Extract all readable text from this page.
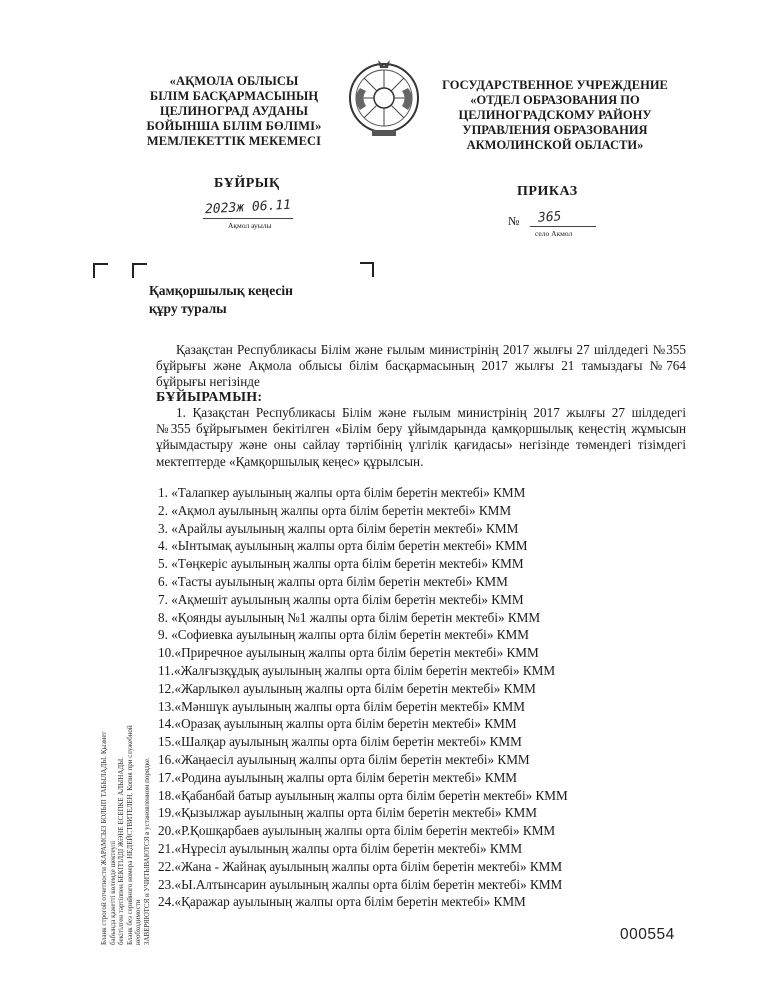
«АҚМОЛА ОБЛЫСЫ
БІЛІМ БАСҚАРМАСЫНЫҢ
ЦЕЛИНОГРАД АУДАНЫ
БОЙЫНША БІЛІМ БӨЛІМІ»
МЕМЛЕКЕТТІК МЕКЕМЕСІ
ГОСУДАРСТВЕННОЕ УЧРЕЖДЕНИЕ
«ОТДЕЛ ОБРАЗОВАНИЯ ПО
ЦЕЛИНОГРАДСКОМУ РАЙОНУ
УПРАВЛЕНИЯ ОБРАЗОВАНИЯ
АКМОЛИНСКОЙ ОБЛАСТИ»
БҰЙРЫҚ
ПРИКАЗ
2023ж 06.11
Ақмол ауылы	№ 365
село Акмол
Қамқоршылық кеңесін
құру туралы
Қазақстан Республикасы Білім және ғылым министрінің 2017 жылғы 27 шілдедегі №355 бұйрығы және Ақмола облысы білім басқармасының 2017 жылғы 21 тамыздағы №764 бұйрығы негізінде
БҰЙЫРАМЫН:
1. Қазақстан Республикасы Білім және ғылым министрінің 2017 жылғы 27 шілдедегі №355 бұйрығымен бекітілген «Білім беру ұйымдарында қамқоршылық кеңестің жұмысын ұйымдастыру және оны сайлау тәртібінің үлгілік қағидасы» негізінде төмендегі тізімдегі мектептерде «Қамқоршылық кеңес» құрылсын.
1. «Талапкер ауылының жалпы орта білім беретін мектебі» КММ
2. «Ақмол ауылының жалпы орта білім беретін мектебі» КММ
3. «Арайлы ауылының жалпы орта білім беретін мектебі» КММ
4. «Ынтымақ ауылының жалпы орта білім беретін мектебі» КММ
5. «Төңкеріс ауылының жалпы орта білім беретін мектебі» КММ
6. «Тасты ауылының жалпы орта білім беретін мектебі» КММ
7. «Ақмешіт ауылының жалпы орта білім беретін мектебі» КММ
8. «Қоянды ауылының №1 жалпы орта білім беретін мектебі» КММ
9. «Софиевка ауылының жалпы орта білім беретін мектебі» КММ
10.«Приречное ауылының жалпы орта білім беретін мектебі» КММ
11.«Жалғызқұдық ауылының жалпы орта білім беретін мектебі» КММ
12.«Жарлыкөл ауылының жалпы орта білім беретін мектебі» КММ
13.«Мәншүк ауылының жалпы орта білім беретін мектебі» КММ
14.«Оразақ ауылының жалпы орта білім беретін мектебі» КММ
15.«Шалқар ауылының жалпы орта білім беретін мектебі» КММ
16.«Жаңаесіл ауылының жалпы орта білім беретін мектебі» КММ
17.«Родина ауылының жалпы орта білім беретін мектебі» КММ
18.«Қабанбай батыр ауылының жалпы орта білім беретін мектебі» КММ
19.«Қызылжар ауылының жалпы орта білім беретін мектебі» КММ
20.«Р.Қошқарбаев ауылының жалпы орта білім беретін мектебі» КММ
21.«Нұресіл ауылының жалпы орта білім беретін мектебі» КММ
22.«Жана - Жайнақ ауылының жалпы орта білім беретін мектебі» КММ
23.«Ы.Алтынсарин ауылының жалпы орта білім беретін мектебі» КММ
24.«Қаражар ауылының жалпы орта білім беретін мектебі» КММ
Бланк строгой отчетности ЖАРАМСЫЗ БОЛЫП ТАБЫЛАДЫ. Қызмет бабында қажетті көлемде шектеулі бекітілген тәртіппен БЕКІТІЛДІ ЖӘНЕ ЕСЕПКЕ АЛЫНАДЫ. Бланк без серийного номера НЕДЕЙСТВИТЕЛЕН. Копия при служебной необходимости ЗАВЕРЯЮТСЯ и УЧИТЫВАЮТСЯ в установленном порядке.	000554
